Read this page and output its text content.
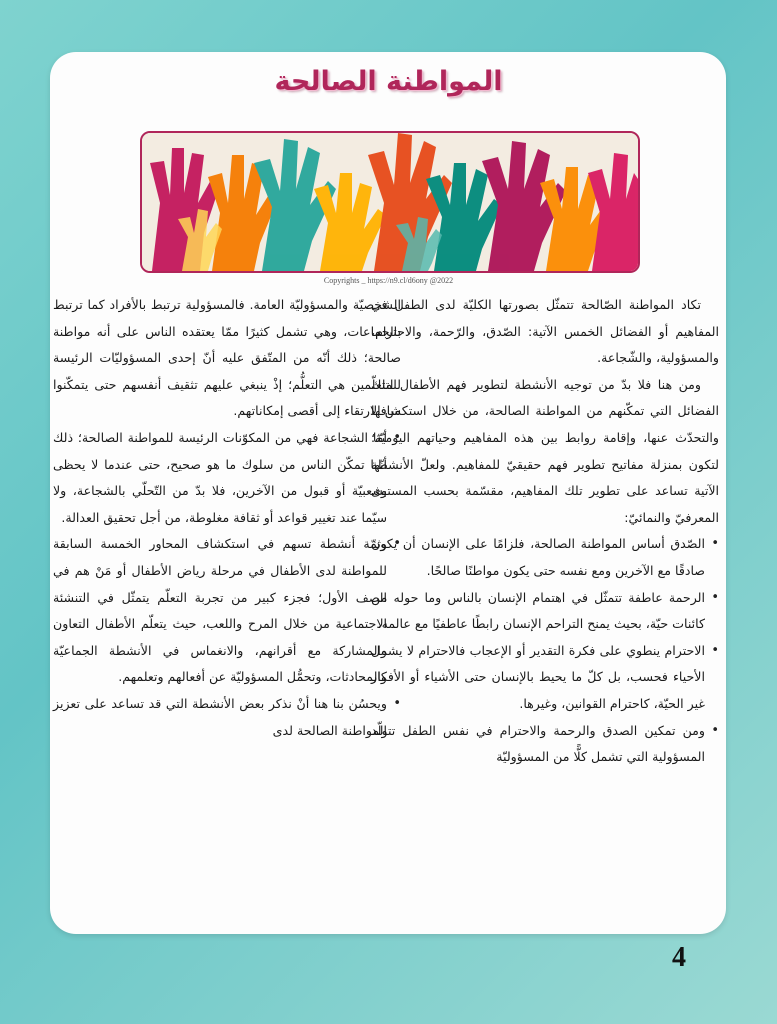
المواطنة الصالحة
Copyrights _ https://n9.cl/d6ony @2022

تكاد المواطنة الصّالحة تتمثّل بصورتها الكليّة لدى الطفل في المفاهيم أو الفضائل الخمس الآتية: الصّدق، والرّحمة، والاحترام، والمسؤولية، والشّجاعة.

ومن هنا فلا بدّ من توجيه الأنشطة لتطوير فهم الأطفال لتلك الفضائل التي تمكّنهم من المواطنة الصالحة، من خلال استكشافها والتحدّث عنها، وإقامة روابط بين هذه المفاهيم وحياتهم اليوميّة؛ لتكون بمنزلة مفاتيح تطوير فهم حقيقيّ للمفاهيم. ولعلّ الأنشطة الآتية تساعد على تطوير تلك المفاهيم، مقسّمة بحسب المستوى المعرفيّ والنمائيّ:

• الصّدق أساس المواطنة الصالحة، فلزامًا على الإنسان أن يكون صادقًا مع الآخرين ومع نفسه حتى يكون مواطنًا صالحًا.
• الرحمة عاطفة تتمثّل في اهتمام الإنسان بالناس وما حوله من كائنات حيّة، بحيث يمنح التراحم الإنسان رابطًا عاطفيًا مع عالمه.
• الاحترام ينطوي على فكرة التقدير أو الإعجاب فالاحترام لا يشمل الأحياء فحسب، بل كلّ ما يحيط بالإنسان حتى الأشياء أو الأفكار غير الحيّة، كاحترام القوانين، وغيرها.
• ومن تمكين الصدق والرحمة والاحترام في نفس الطفل تتولّد المسؤولية التي تشمل كلًّا من المسؤوليّة

الشخصيّة والمسؤوليّة العامة. فالمسؤولية ترتبط بالأفراد كما ترتبط بالجماعات، وهي تشمل كثيرًا ممّا يعتقده الناس على أنه مواطنة صالحة؛ ذلك أنّه من المتّفق عليه أنّ إحدى المسؤوليّات الرئيسة للمتعلّمين هي التعلُّم؛ إذْ ينبغي عليهم تثقيف أنفسهم حتى يتمكّنوا من الارتقاء إلى أقصى إمكاناتهم.

• أمّا الشجاعة فهي من المكوّنات الرئيسة للمواطنة الصالحة؛ ذلك أنّها تمكّن الناس من سلوك ما هو صحيح، حتى عندما لا يحظى بشعبيّة أو قبول من الآخرين، فلا بدّ من التّحلّي بالشجاعة، ولا سيّما عند تغيير قواعد أو ثقافة مغلوطة، من أجل تحقيق العدالة.
• وثمّة أنشطة تسهم في استكشاف المحاور الخمسة السابقة للمواطنة لدى الأطفال في مرحلة رياض الأطفال أو مَنْ هم في الصف الأول؛ فجزء كبير من تجربة التعلّم يتمثّل في التنشئة الاجتماعية من خلال المرح واللعب، حيث يتعلّم الأطفال التعاون والمشاركة مع أقرانهم، والانغماس في الأنشطة الجماعيّة والمحادثات، وتحمُّل المسؤوليّة عن أفعالهم وتعلمهم.
• ويحسُن بنا هنا أنْ نذكر بعض الأنشطة التي قد تساعد على تعزيز المواطنة الصالحة لدى
4
